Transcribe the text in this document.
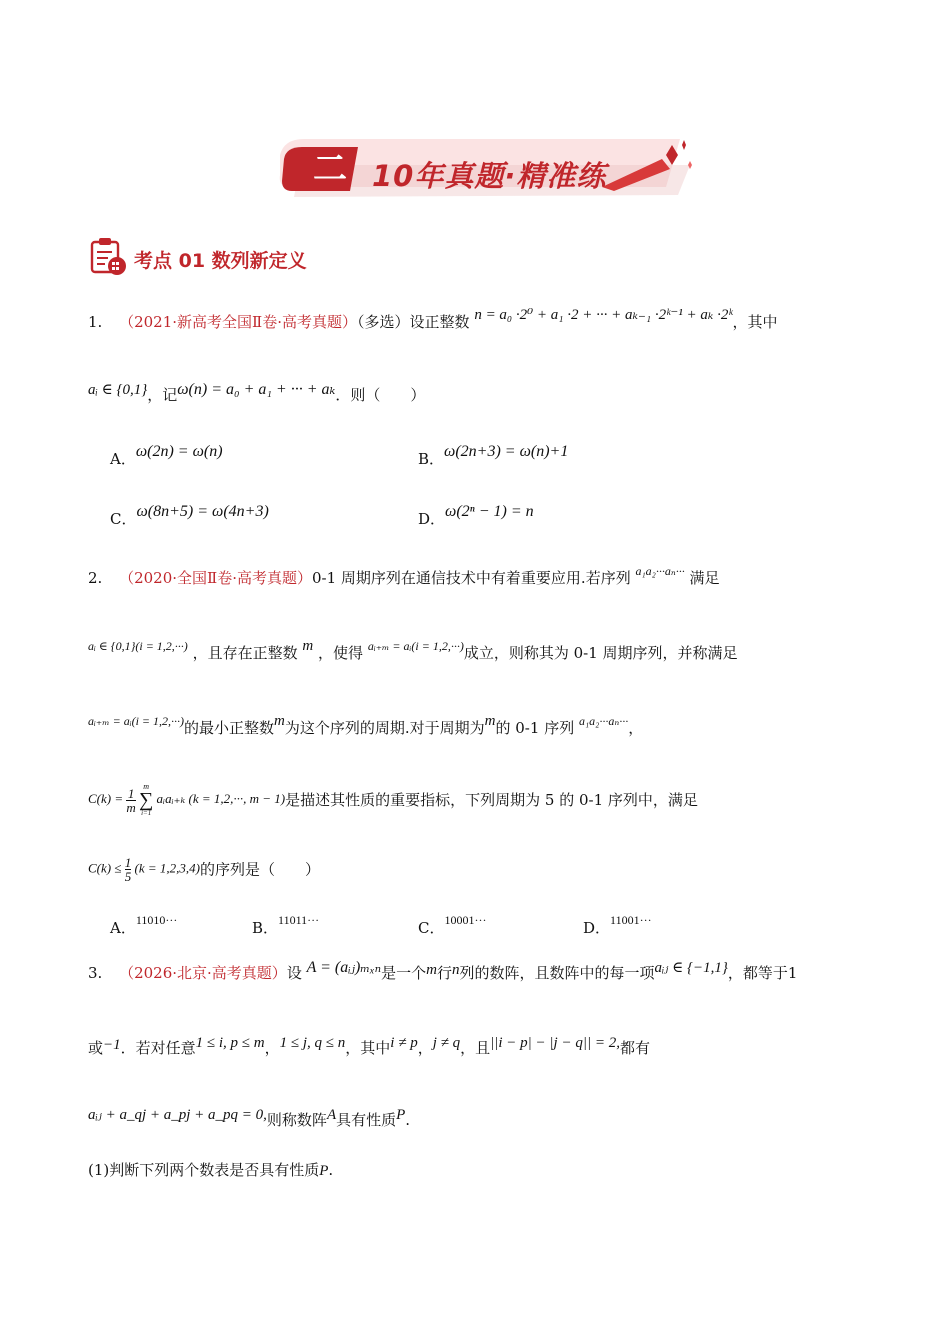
二 10年真题·精准练
考点 01 数列新定义
1. （2021·新高考全国Ⅱ卷·高考真题）（多选）设正整数 n = a₀ ·2⁰ + a₁ ·2 + ··· + aₖ₋₁ ·2ᵏ⁻¹ + aₖ ·2ᵏ，其中
aᵢ ∈ {0,1}，记ω(n) = a₀ + a₁ + ··· + aₖ．则（　　）
A．ω(2n) = ω(n)	B．ω(2n+3) = ω(n)+1
C．ω(8n+5) = ω(4n+3)	D．ω(2ⁿ − 1) = n
2. （2020·全国Ⅱ卷·高考真题）0-1 周期序列在通信技术中有着重要应用.若序列 $^{a_1a_2\cdot\cdot\cdot a_n\cdot\cdot\cdot}$ 满足
$^{aᵢ \in \{0,1\}(i = 1,2,\cdot\cdot\cdot)}$ ，且存在正整数 m ，使得 $^{aᵢ_{+m} = aᵢ(i = 1,2,\cdot\cdot\cdot)}$成立，则称其为 0-1 周期序列，并称满足
$^{aᵢ_{+m} = aᵢ(i = 1,2,\cdot\cdot\cdot)}$的最小正整数m为这个序列的周期.对于周期为m的 0-1 序列 $^{a_1a_2\cdot\cdot\cdot a_n\cdot\cdot\cdot}$，
$C(k) = \frac{1}{m}$
m
∑
i=1
aᵢaᵢ₊ₖ (k = 1,2,···, m − 1)是描述其性质的重要指标，下列周期为 5 的 0-1 序列中，满足
$C(k) \le \frac{1}{5} (k = 1,2,3,4)$的序列是（　　）
A．$^{11010\cdot\cdot\cdot}$	B．$^{11011\cdot\cdot\cdot}$	C．$^{10001\cdot\cdot\cdot}$	D．$^{11001\cdot\cdot\cdot}$
3. （2026·北京·高考真题）设 A = (aᵢⱼ)ₘₓₙ是一个m行n列的数阵，且数阵中的每一项aᵢⱼ ∈ {−1,1}，都等于1
或−1．若对任意1 ≤ i, p ≤ m，1 ≤ j, q ≤ n，其中i ≠ p，j ≠ q，且||i − p| − |j − q|| = 2,都有
aᵢⱼ + a_qj + a_pj + a_pq = 0,则称数阵A具有性质P.
(1)判断下列两个数表是否具有性质P.
